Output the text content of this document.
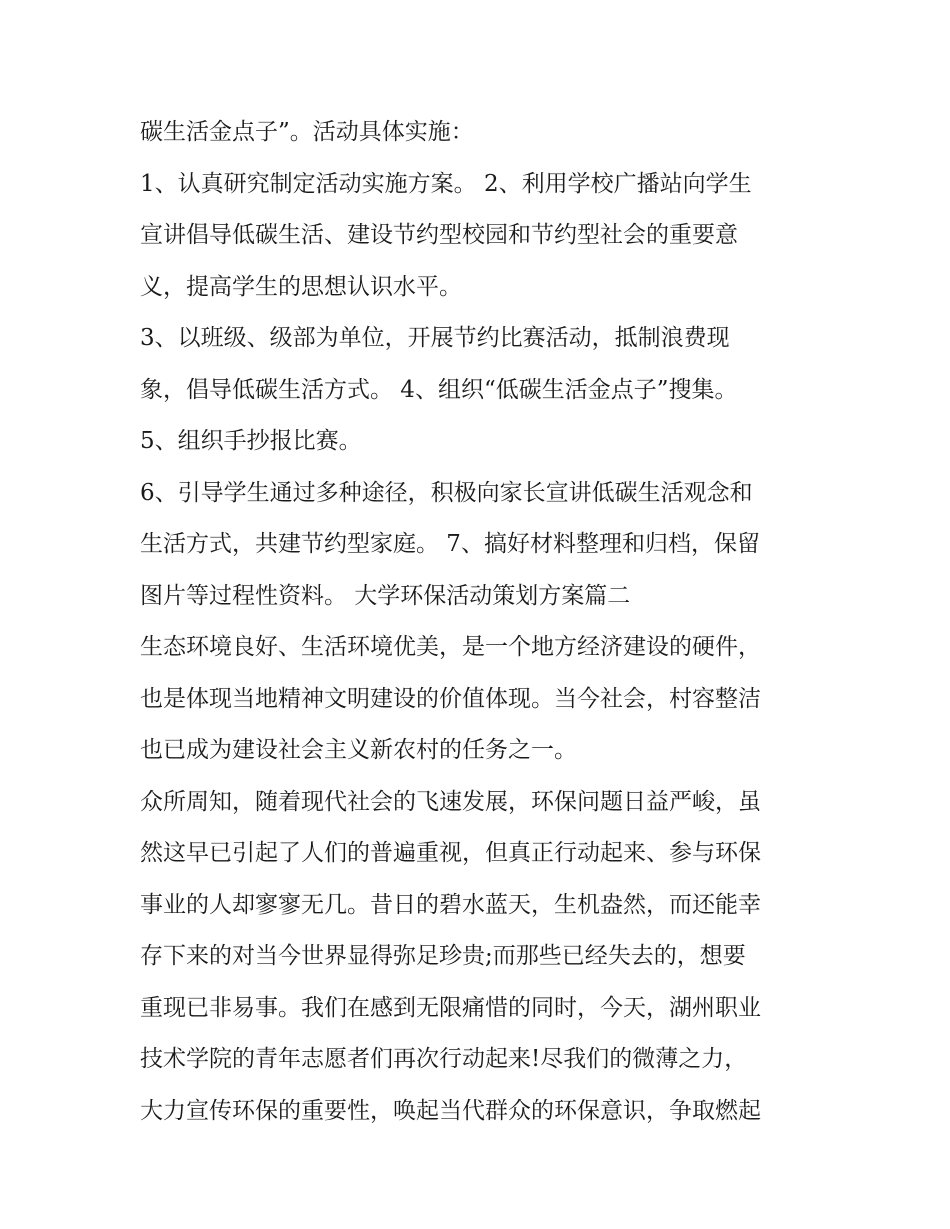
碳生活金点子”。活动具体实施：
1、认真研究制定活动实施方案。 2、利用学校广播站向学生
宣讲倡导低碳生活、建设节约型校园和节约型社会的重要意
义，提高学生的思想认识水平。
3、以班级、级部为单位，开展节约比赛活动，抵制浪费现
象，倡导低碳生活方式。 4、组织“低碳生活金点子”搜集。
5、组织手抄报比赛。
6、引导学生通过多种途径，积极向家长宣讲低碳生活观念和
生活方式，共建节约型家庭。 7、搞好材料整理和归档，保留
图片等过程性资料。 大学环保活动策划方案篇二
生态环境良好、生活环境优美，是一个地方经济建设的硬件，
也是体现当地精神文明建设的价值体现。当今社会，村容整洁
也已成为建设社会主义新农村的任务之一。
众所周知，随着现代社会的飞速发展，环保问题日益严峻，虽
然这早已引起了人们的普遍重视，但真正行动起来、参与环保
事业的人却寥寥无几。昔日的碧水蓝天，生机盎然，而还能幸
存下来的对当今世界显得弥足珍贵;而那些已经失去的，想要
重现已非易事。我们在感到无限痛惜的同时，今天，湖州职业
技术学院的青年志愿者们再次行动起来!尽我们的微薄之力，
大力宣传环保的重要性，唤起当代群众的环保意识，争取燃起
